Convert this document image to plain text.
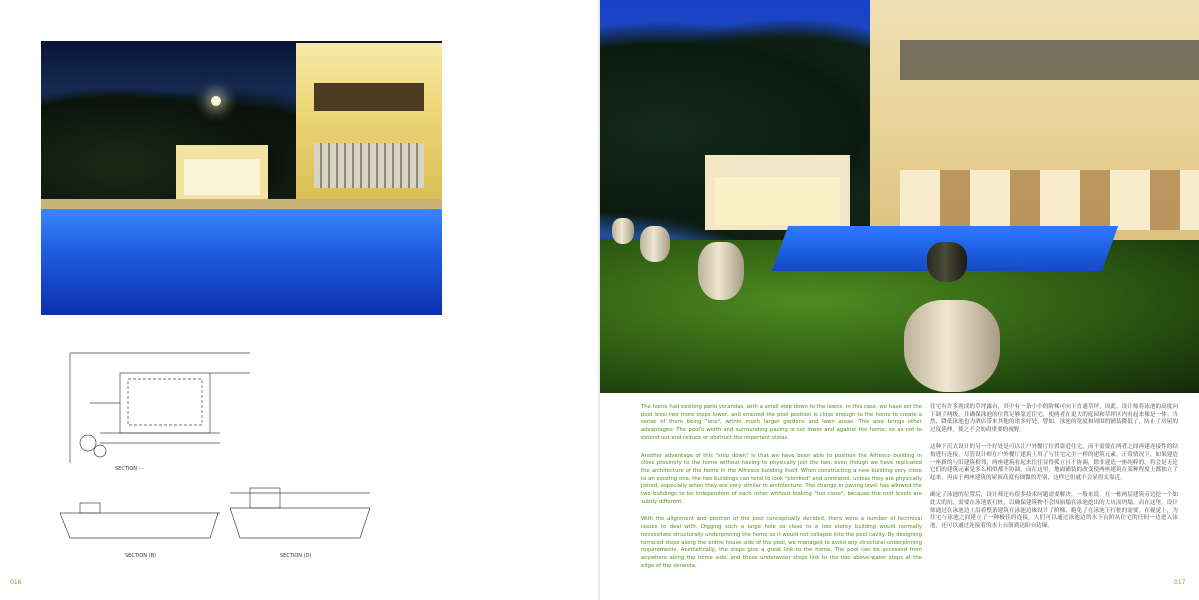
SECTION - -
SECTION (B)	SECTION (D)
016

The home had existing patio verandas, with a small step down to the lawns. In this case, we have set the pool level two more steps lower, and ensured the pool position is close enough to the home to create a sense of them being "one", within much larger gardens and lawn areas. This also brings other advantages: The pool's width and surrounding paving is set lower and against the home, so as not to extend out and reduce or obstruct the important vistas.

Another advantage of this "step down" is that we have been able to position the Alfresco building in close proximity to the home without having to physically join the two, even though we have replicated the architecture of the home in the Alfresco building itself. When constructing a new building very close to an existing one, the two buildings can tend to look "plonked" and unrelated, unless they are physically joined, especially when they are very similar in architecture. The change in paving level has allowed the two buildings to be independent of each other without looking "too close", because the roof levels are subtly different.

With the alignment and position of the pool conceptually decided, there were a number of technical issues to deal with. Digging such a large hole so close to a two storey building would normally necessitate structurally underpinning the home so it would not collapse into the pool cavity. By designing terraced steps along the entire house side of the pool, we managed to avoid any structural underpinning requirements. Aesthetically, the steps give a great link to the home. The pool can be accessed from anywhere along the home side, and these underwater steps link to the two above-water steps at the edge of the veranda.

住宅有许多现成的草坪露台，其中有一条小小的阶梯可向下直通草坪。因此，设计师将泳池的高度向下调了两级，并确保泳池的位置足够靠近住宅，使两者在更大的庭园和草坪区内看起来像是一体。当然，降低泳池也为酒店带来其他的诸多好处。譬如，泳池的宽度和周围的铺装降低了，防止了房屋的过度延伸，使之不会妨碍重要的视野。

这种下沉式设计的另一个好处是可以让户外餐厅位置靠近住宅，而不需要在两者之间再建连接性的结构进行连接，尽管设计师在户外餐厅建筑上用了与住宅完全一样的建筑元素。正常情况下，如果建造一座新的与旧建筑相邻，两座建筑看起来往往显得孤立且不协调，除非建造一座纯粹的，将会是无论它们的建筑元素是多么相似都不协调。而在这里，地面铺装的改变使两座建筑在某种程度上都独立了起来，再由于两座建筑的屋顶高度有细微的差别，这样它们就不会显得太靠近。

确定了泳池的位置后，设计师还有很多技术问题需要解决。一般来说，在一栋两层建筑旁边挖一个如此大的坑，需要在泳池底打桩，以确保建筑物不会因崩塌在泳池挖出的大坑而坍塌。而在这里，设计师通过在泳池边上沿着整条建筑在泳池边缘设计了阶梯，避免了在泳池下打桩的需要。在视觉上，为住宅与泳池之间建立了一种极佳的连接。人们可以通过泳池边的水下台阶从住宅的任何一边进入泳池，还可以通过连接着的水上台阶到达阳台边缘。

017
